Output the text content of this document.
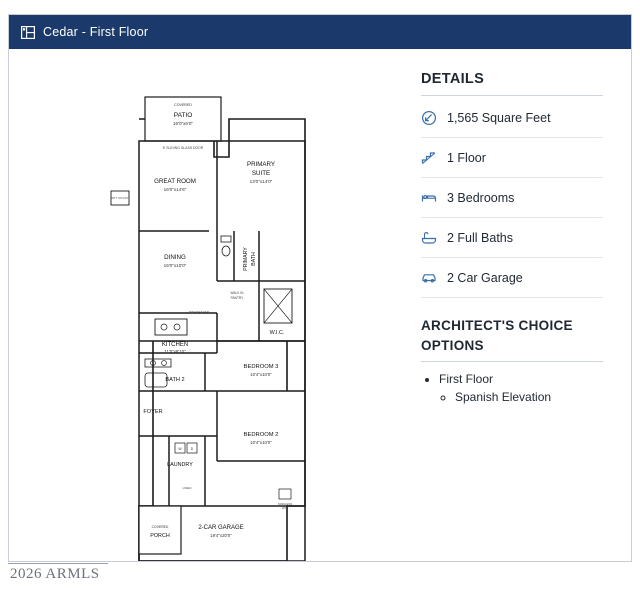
Cedar - First Floor
COVERED
PATIO
16'0"x6'0"
8' SLIDING GLASS DOOR
GREAT ROOM
16'0"x14'6"
PRIMARY
SUITE
13'0"x14'0"
DINING
16'0"x10'0"	PRIMARY BATH
WALK IN
PANTRY
W.I.C.
KITCHEN
11'0"x8'10"
DISHWASHER
BATH 2
BEDROOM 3
10'4"x10'0"
FOYER
BEDROOM 2
10'4"x10'0"
W	D
LAUNDRY
LINEN
2-CAR GARAGE
19'4"x20'0"
TANKLESS
W.H.
COVERED
PORCH
OPT. 3'0"x3'0"
DETAILS
1,565 Square Feet
1 Floor
3 Bedrooms
2 Full Baths
2 Car Garage
ARCHITECT'S CHOICE
OPTIONS
• First Floor
◦ Spanish Elevation
2026 ARMLS
